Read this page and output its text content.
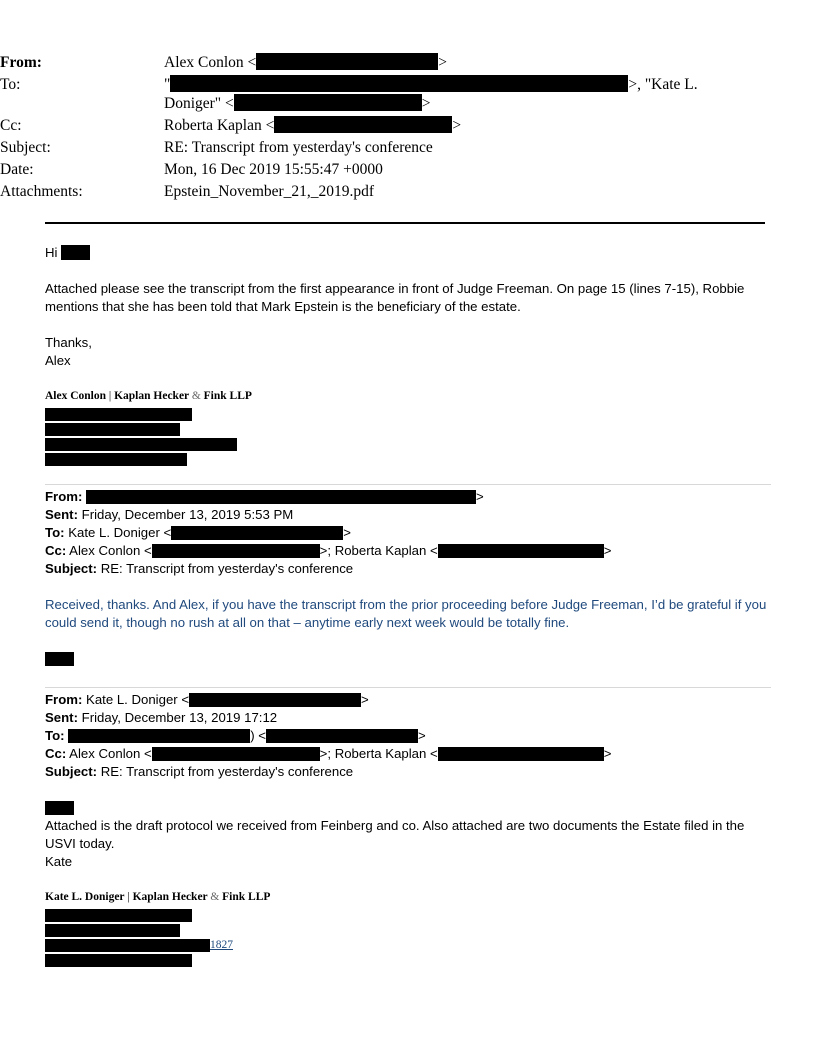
From:	Alex Conlon <	>
To:	"	>, "Kate L.
Doniger" <	>
Cc:	Roberta Kaplan <	>
Subject:	RE: Transcript from yesterday's conference
Date:	Mon, 16 Dec 2019 15:55:47 +0000
Attachments:	Epstein_November_21,_2019.pdf
Hi
Attached please see the transcript from the first appearance in front of Judge Freeman. On page 15 (lines 7-15), Robbie mentions that she has been told that Mark Epstein is the beneficiary of the estate.
Thanks,
Alex
Alex Conlon | Kaplan Hecker & Fink LLP
From:	>
Sent: Friday, December 13, 2019 5:53 PM
To: Kate L. Doniger <	>
Cc: Alex Conlon <	>; Roberta Kaplan <	>
Subject: RE: Transcript from yesterday's conference
Received, thanks. And Alex, if you have the transcript from the prior proceeding before Judge Freeman, I’d be grateful if you could send it, though no rush at all on that – anytime early next week would be totally fine.
From: Kate L. Doniger <	>
Sent: Friday, December 13, 2019 17:12
To:	) <	>
Cc: Alex Conlon <	>; Roberta Kaplan <	>
Subject: RE: Transcript from yesterday's conference
Attached is the draft protocol we received from Feinberg and co. Also attached are two documents the Estate filed in the USVI today.
Kate
Kate L. Doniger | Kaplan Hecker & Fink LLP
1827
